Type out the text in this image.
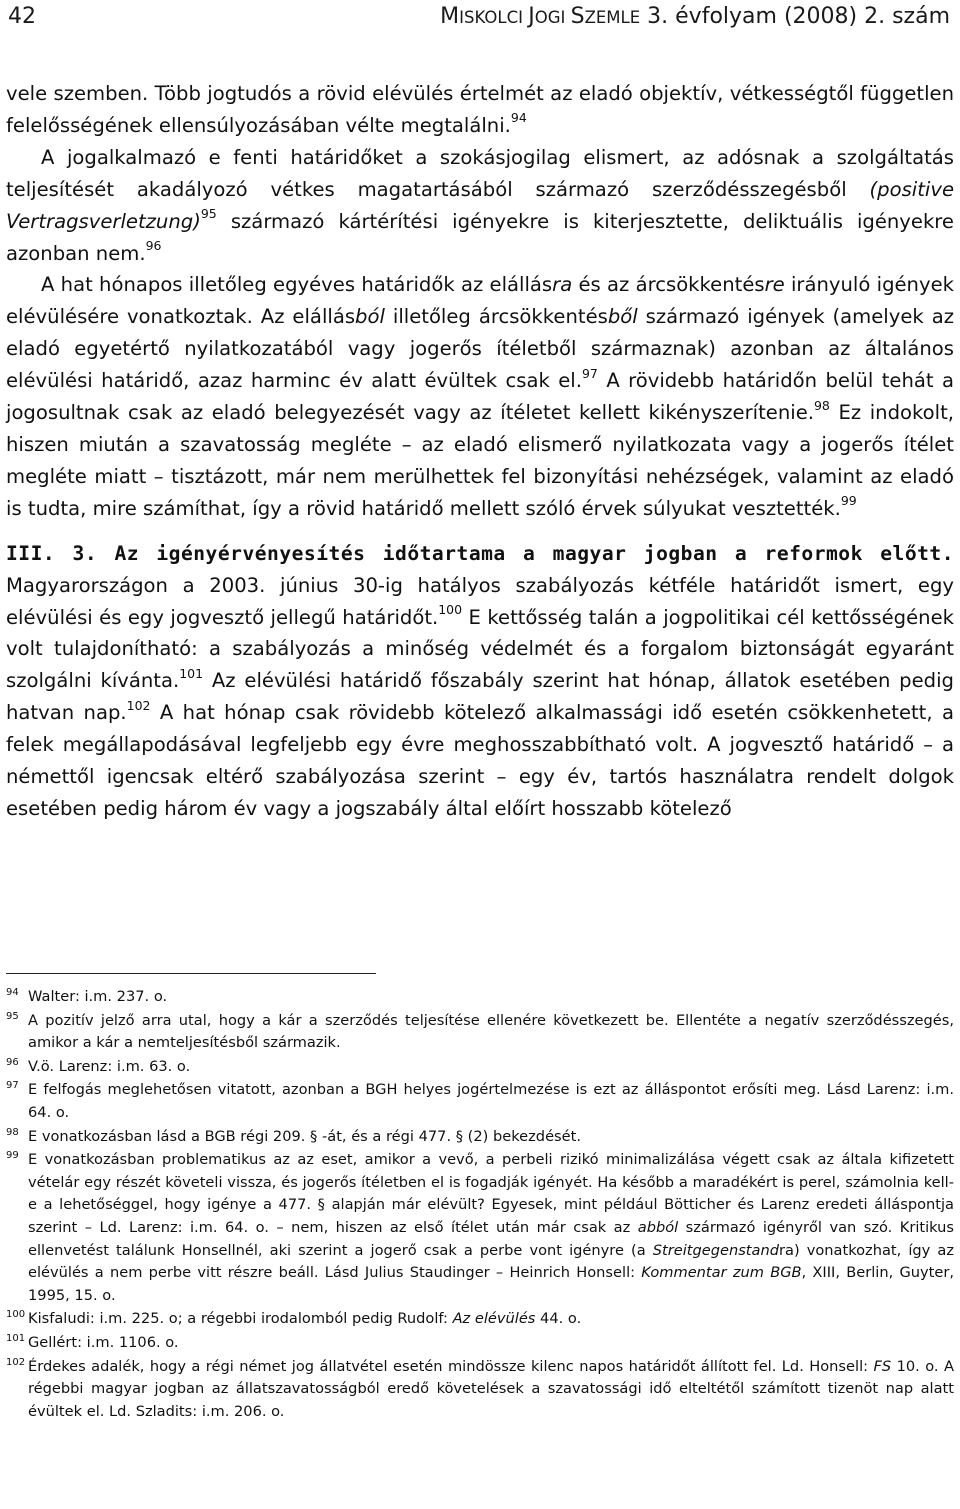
42	MISKOLCI JOGI SZEMLE 3. évfolyam (2008) 2. szám

vele szemben. Több jogtudós a rövid elévülés értelmét az eladó objektív, vétkességtől független felelősségének ellensúlyozásában vélte megtalálni.$^{94}$

A jogalkalmazó e fenti határidőket a szokásjogilag elismert, az adósnak a szolgáltatás teljesítését akadályozó vétkes magatartásából származó szerződésszegésből (positive Vertragsverletzung)$^{95}$ származó kártérítési igényekre is kiterjesztette, deliktuális igényekre azonban nem.$^{96}$

A hat hónapos illetőleg egyéves határidők az elállásra és az árcsökkentésre irányuló igények elévülésére vonatkoztak. Az elállásból illetőleg árcsökkentésből származó igények (amelyek az eladó egyetértő nyilatkozatából vagy jogerős ítéletből származnak) azonban az általános elévülési határidő, azaz harminc év alatt évültek csak el.$^{97}$ A rövidebb határidőn belül tehát a jogosultnak csak az eladó belegyezését vagy az ítéletet kellett kikényszerítenie.$^{98}$ Ez indokolt, hiszen miután a szavatosság megléte – az eladó elismerő nyilatkozata vagy a jogerős ítélet megléte miatt – tisztázott, már nem merülhettek fel bizonyítási nehézségek, valamint az eladó is tudta, mire számíthat, így a rövid határidő mellett szóló érvek súlyukat vesztették.$^{99}$

III. 3. Az igényérvényesítés időtartama a magyar jogban a reformok előtt. Magyarországon a 2003. június 30-ig hatályos szabályozás kétféle határidőt ismert, egy elévülési és egy jogvesztő jellegű határidőt.$^{100}$ E kettősség talán a jogpolitikai cél kettősségének volt tulajdonítható: a szabályozás a minőség védelmét és a forgalom biztonságát egyaránt szolgálni kívánta.$^{101}$ Az elévülési határidő főszabály szerint hat hónap, állatok esetében pedig hatvan nap.$^{102}$ A hat hónap csak rövidebb kötelező alkalmassági idő esetén csökkenhetett, a felek megállapodásával legfeljebb egy évre meghosszabbítható volt. A jogvesztő határidő – a némettől igencsak eltérő szabályozása szerint – egy év, tartós használatra rendelt dolgok esetében pedig három év vagy a jogszabály által előírt hosszabb kötelező

94 Walter: i.m. 237. o.
95 A pozitív jelző arra utal, hogy a kár a szerződés teljesítése ellenére következett be. Ellentéte a negatív szerződésszegés, amikor a kár a nemteljesítésből származik.
96 V.ö. Larenz: i.m. 63. o.
97 E felfogás meglehetősen vitatott, azonban a BGH helyes jogértelmezése is ezt az álláspontot erősíti meg. Lásd Larenz: i.m. 64. o.
98 E vonatkozásban lásd a BGB régi 209. § -át, és a régi 477. § (2) bekezdését.
99 E vonatkozásban problematikus az az eset, amikor a vevő, a perbeli rizikó minimalizálása végett csak az általa kifizetett vételár egy részét követeli vissza, és jogerős ítéletben el is fogadják igényét. Ha később a maradékért is perel, számolnia kell-e a lehetőséggel, hogy igénye a 477. § alapján már elévült? Egyesek, mint például Bötticher és Larenz eredeti álláspontja szerint – Ld. Larenz: i.m. 64. o. – nem, hiszen az első ítélet után már csak az abból származó igényről van szó. Kritikus ellenvetést találunk Honsellnél, aki szerint a jogerő csak a perbe vont igényre (a Streitgegenstandra) vonatkozhat, így az elévülés a nem perbe vitt részre beáll. Lásd Julius Staudinger – Heinrich Honsell: Kommentar zum BGB, XIII, Berlin, Guyter, 1995, 15. o.
100 Kisfaludi: i.m. 225. o; a régebbi irodalomból pedig Rudolf: Az elévülés 44. o.
101 Gellért: i.m. 1106. o.
102 Érdekes adalék, hogy a régi német jog állatvétel esetén mindössze kilenc napos határidőt állított fel. Ld. Honsell: FS 10. o. A régebbi magyar jogban az állatszavatosságból eredő követelések a szavatossági idő elteltétől számított tizenöt nap alatt évültek el. Ld. Szladits: i.m. 206. o.
